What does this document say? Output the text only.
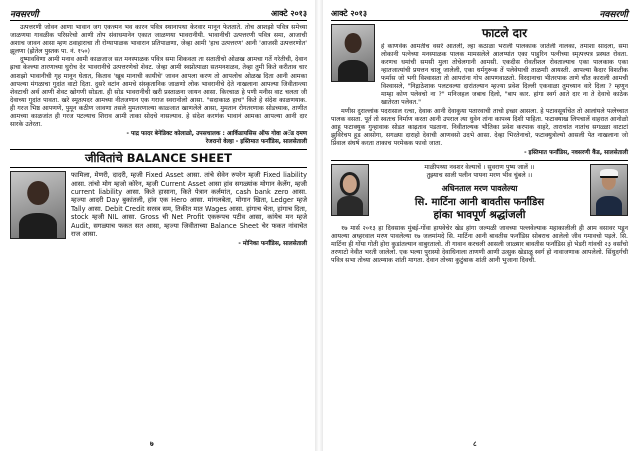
नवसरणी	आक्टे २०१३

उत्पत्तरणी जोवन आणा भावान जग एकत्त्मन भव कारन पवित्र स्थानापथा केरवार मानून फेतताते. तोच आशझो पवित्र समेच्या जाळणया गावळीक परिसरेचो आणी तोप संवाधमानेन एकात जाळणया भावरानीयी. भावानीची उत्पत्तरणी पवित्र समा, आजाची अशाच जावन आसा म्हण ठवाहाराचा ती रोग्यापाळक भावारान प्रतिपाळणा, जेव्हा आमी 'हाच उत्पत्तरण' आनी 'आजसी उत्पत्तरणोत' झूलणा (ह्रोतेल पुस्तक पा. नं. १५०)

दुष्मावविणा आमी मनाव आमी काळजाज सत मनस्पाळक पवित्र समा शिकवता ता सतातीचो ओळख आमचा गर्ते गरेतीची, देवान ह्राचा केल्ल्या तारणाच्या घुरोच देर भावरानीचे उत्पत्तरणेचो शेवट. जेव्हा आमी स्वप्नोत्पाळा सतमनशळव, तेव्हा तुमी किते करीताव चार आशझो भावानीची गृह मानून घेतात, किताव 'खूब मानाची कायीचे' जावन आपला करण तो आपलोच ओळख दिता आनी आमका आपल्या मंगळाचा गुदांत वाटो दिता. दुसरे वटांन आमचे संस्कृतानिक जाळणो लोक भावरानीचे देते नाखलाना आपल्या जिवीतान्त्या शेवटाची अर्थ आणी शेवट खोगणी सोडता. ही सोड भावरानीची खरी प्रस्ताळना जायन आसा. किरचाळ हे पणी मनीस वाट चलता जी देवाच्या गुदांत पावता. खरे स्मूतत्पदर आमच्या नीतजणान एक गराज स्वरानोलो आसा. "सदाकाळ हाच" किते हे संदेश काळणयाक. ही गरज भिष्ठ आपणणे, पुमून कठीण जावणा तसले मुमतरणाल्या काळ्जात खाणलेले आसा, मुमतान रोगतरणाक सोडच्याक, ताणीत आमच्या काळजांत ही गरज पटल्याच शिराव आमी ताका सोदचे नासल्याव. हे संदेश करणंक भावानं आमका आपल्या आनी दार सारके उतेरता.

- पाद्र फादर बेनेडिक्ट कोलाळो, उपसचालक : आर्किडायसिस ऑफ गोवा अॅड दमण
रेजरानो वेल्हा - इस्तिमात फर्नांडिस, सालसेताली
जीवितांचे BALANCE SHEET

फामिला, मेणरी, दादरी, म्हजी Fixed Asset आसा. तांचे सेवेन रुपरेन म्हजी Fixed liability आसा. तांचो मोग म्हजो कोरेन, म्हजी Current Asset आसा हांव सगळ्यांक मोगान केलेंग, म्हजी current liability आसा. किते हासाना, किते पेत्रान कर्लमांत, cash bank zero आसा. म्हज्या आदरी Day बुकांतली, हांव एक Hero आसा. मांगलबेता, मोगान खिता, Ledger म्हजे Tally आसा. Debit Credit सरस्त्र सम, तिकीत मात Wages आसा. हांगाच चेता, हांगाच दिता, stock म्हजी NIL आसा. Gross ची Net Profit एकरूपच पटीव आसा, कांयेच मन म्हजे Audit, सगळ्याच फकत सत आसा, म्हज्या जिवीताच्या Balance Sheet चेर फकत नांवाचेत राज आसा.

- मोनिका फर्नांडिस, सालसेताली
७
आक्टे २०१३	नवसरणी
फाटले दार

हे काणवेक आमतीच वसरे आतली, ल्हा कठाळा भराली पालकाक जातेली नालका, तमाशा सादला, समा लोकानी पत्नेच्या मनस्पाळक पालक मामसलेले आलप्यांत एका पाहुरिन पत्नीच्या स्मृत्पत्त्पत्र प्रस्थत रोवता. करणच धमांची समसी मुला तोचेलगानी आमसी. एकदीस रोवतीशल रोवताल्याच एका पालकाक एका न्हातजात्यांची प्रयत्तन चालू जालेली, एका धर्मगुरूक तें पलेवेयाची ताळमाी आयस्ती. आपल्या कैदार विशतीक फर्मास जो भगी विश्वासता तो आपरांना गोप आपणवाळतो. विरदानाचा भीतरपाक ताणे चौत काराली आमची विश्वासले, "निद्राठेशाक पलटवल्या दारांतल्यान म्हज्या प्रवेश दिल्ली एकवाळा तुमच्यान वारे दिला ? म्हणून माम्हा कोण पलेवचो ना ?" मनिजहल जबाच दिलो, "बाप कार. हांगा स्वर्ग आते दार ना ते देवाचे काठेक खातेरता पलेवत."

मणीस दुराल्लांक पदरासाल रत्चा, देवाक आनी देवाकुया पतारवाची ताचो इच्छा आसला. हे पटावसूर्याचेत तो आलांयले पत्लेच्चात पालक वसता. पूर्त तो स्वतःच निर्माण करता आनी उपराल त्या धुवेन तांना कापव्य दिशी पाहिता. फटाक्याख लिपचालें वाहरात आनोळो आहू फटाक्युक गुन्हावाक सोडत काढ़ताव पडताना. निवीताल्यक भौतिका प्रवेश करपाक वाहरे, ताराचांत नातांच सगळ्ळा वाटाटां झुविरेचप हूड आसोगा, सगळ्या दाराहो देवाची आणवसो उदभे आसा. देव्हा भिरतेनाचो, फटाक्युत्रोल्यो आसली पेत नाखलाना जो प्रिंवाल संघर्ष करता ताकाच परमेकक फावो जाता.

- इस्तिमात फर्नांडिस, नवसरणी कैंड, सालसेताली
माळीपथ्या नवशर वेल्याचें । सुवराण पुष्य जालें ।।
तुझ्याच साली पलीन पायना मरण भीव चुंबले ।।
अधिनताल मरण पावलेल्या
सि. मार्टिना आनी बावतीस फर्नांडिस
हांका भावपूर्ण श्रद्धांजली

१७ मार्स २०१३ हा दिवसाक मुंबई-गोंवा हायवेचेर खेड हांगा जल्मळी जावच्या पल्लवेल्याक महाकालीली ही आम वसावर पडून आयल्या अघ्हरवाल मरण पावलेल्या १७ जलमांमदे सि. मार्टिना आनी बावतीस फर्नांडिस सोबराच आलेलो जीव गमावचो पड़ले. सि. मार्टिना ही गोंया गोती होरा कुडांतल्यान वाबुरतालो. ती गावान करचली आसली जाळ्यार बावतीस फर्नांडिस हो भेडरी गांवची २३ वर्सांचो तरणाटो नेवीत भरती जालेलो. एक भल्या पुरास्यो देवाधिनाला ताणणी आणी उत्सुक खेडाळू स्वर्ग हो नावाजणाक आपलेलो. सिंधुदर्गची पवित्र सभा तोच्या आत्म्याक शांती मागता. देवान तोच्या कुटुंबाक शांती आनी भुजाना दिवची.

८
